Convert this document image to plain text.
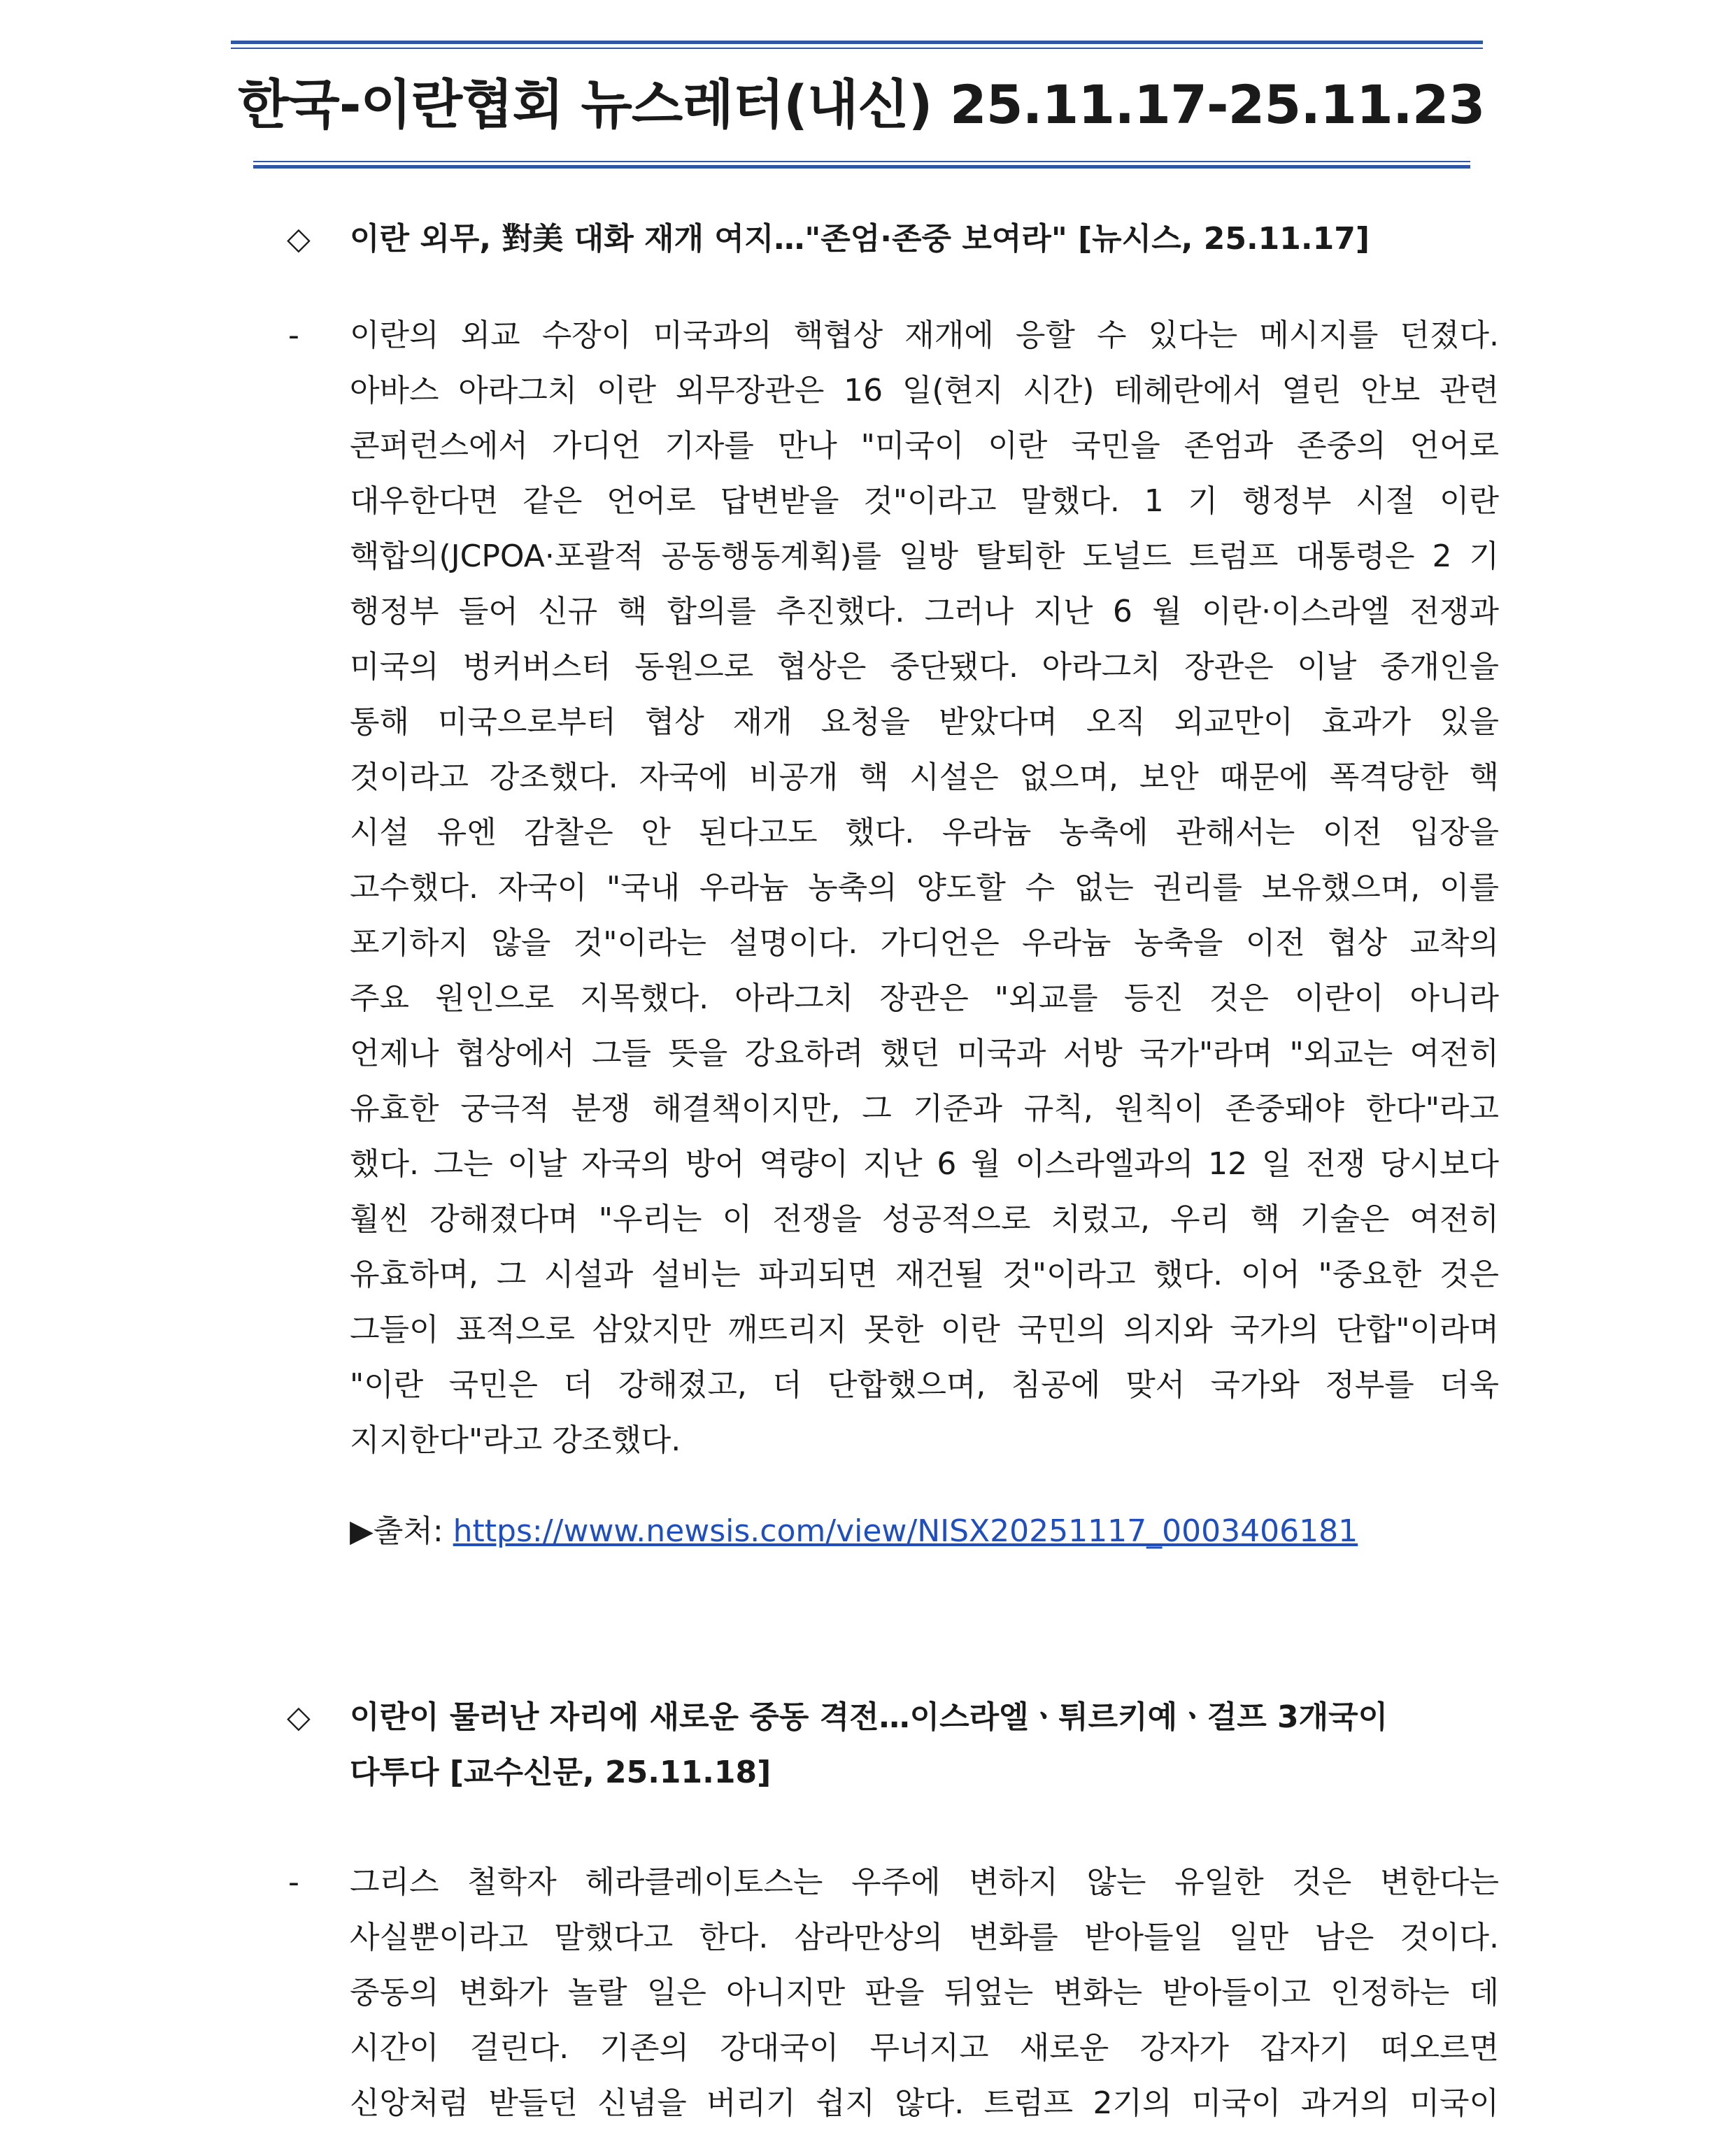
한국-이란협회 뉴스레터(내신) 25.11.17-25.11.23
◇	이란 외무, 對美 대화 재개 여지…"존엄·존중 보여라" [뉴시스, 25.11.17]
- 이란의 외교 수장이 미국과의 핵협상 재개에 응할 수 있다는 메시지를 던졌다.
아바스 아라그치 이란 외무장관은 16 일(현지 시간) 테헤란에서 열린 안보 관련
콘퍼런스에서 가디언 기자를 만나 "미국이 이란 국민을 존엄과 존중의 언어로
대우한다면 같은 언어로 답변받을 것"이라고 말했다. 1 기 행정부 시절 이란
핵합의(JCPOA·포괄적 공동행동계획)를 일방 탈퇴한 도널드 트럼프 대통령은 2 기
행정부 들어 신규 핵 합의를 추진했다. 그러나 지난 6 월 이란·이스라엘 전쟁과
미국의 벙커버스터 동원으로 협상은 중단됐다. 아라그치 장관은 이날 중개인을
통해 미국으로부터 협상 재개 요청을 받았다며 오직 외교만이 효과가 있을
것이라고 강조했다. 자국에 비공개 핵 시설은 없으며, 보안 때문에 폭격당한 핵
시설 유엔 감찰은 안 된다고도 했다. 우라늄 농축에 관해서는 이전 입장을
고수했다. 자국이 "국내 우라늄 농축의 양도할 수 없는 권리를 보유했으며, 이를
포기하지 않을 것"이라는 설명이다. 가디언은 우라늄 농축을 이전 협상 교착의
주요 원인으로 지목했다. 아라그치 장관은 "외교를 등진 것은 이란이 아니라
언제나 협상에서 그들 뜻을 강요하려 했던 미국과 서방 국가"라며 "외교는 여전히
유효한 궁극적 분쟁 해결책이지만, 그 기준과 규칙, 원칙이 존중돼야 한다"라고
했다. 그는 이날 자국의 방어 역량이 지난 6 월 이스라엘과의 12 일 전쟁 당시보다
훨씬 강해졌다며 "우리는 이 전쟁을 성공적으로 치렀고, 우리 핵 기술은 여전히
유효하며, 그 시설과 설비는 파괴되면 재건될 것"이라고 했다. 이어 "중요한 것은
그들이 표적으로 삼았지만 깨뜨리지 못한 이란 국민의 의지와 국가의 단합"이라며
"이란 국민은 더 강해졌고, 더 단합했으며, 침공에 맞서 국가와 정부를 더욱
지지한다"라고 강조했다.
▶출처: https://www.newsis.com/view/NISX20251117_0003406181
◇	이란이 물러난 자리에 새로운 중동 격전…이스라엘ㆍ튀르키예ㆍ걸프 3개국이
다투다 [교수신문, 25.11.18]
- 그리스 철학자 헤라클레이토스는 우주에 변하지 않는 유일한 것은 변한다는
사실뿐이라고 말했다고 한다. 삼라만상의 변화를 받아들일 일만 남은 것이다.
중동의 변화가 놀랄 일은 아니지만 판을 뒤엎는 변화는 받아들이고 인정하는 데
시간이 걸린다. 기존의 강대국이 무너지고 새로운 강자가 갑자기 떠오르면
신앙처럼 받들던 신념을 버리기 쉽지 않다. 트럼프 2기의 미국이 과거의 미국이
